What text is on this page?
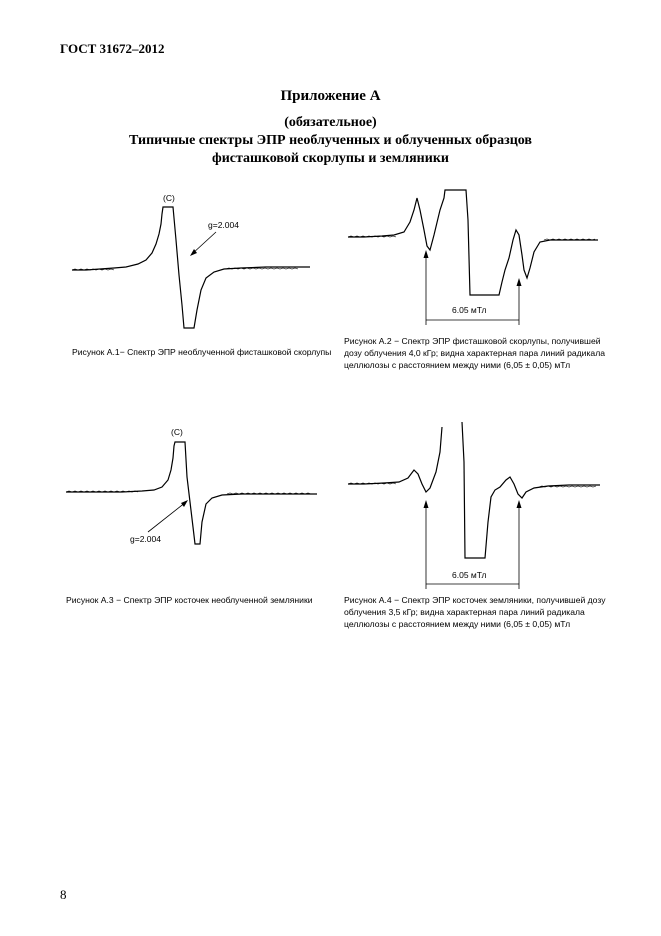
ГОСТ 31672–2012
Приложение А
(обязательное)
Типичные спектры ЭПР необлученных и облученных образцов
фисташковой скорлупы и земляники
(С)
g=2.004
6.05 мТл
(С)
g=2.004
6.05 мТл
Рисунок А.1− Спектр ЭПР необлученной фисташковой скорлупы
Рисунок А.2 − Спектр ЭПР фисташковой скорлупы, получившей дозу облучения 4,0 кГр; видна характерная пара линий радикала целлюлозы с расстоянием между ними (6,05 ± 0,05) мТл
Рисунок А.3 − Спектр ЭПР косточек необлученной земляники	Рисунок А.4 − Спектр ЭПР косточек земляники, получившей дозу облучения 3,5 кГр; видна характерная пара линий радикала целлюлозы с расстоянием между ними (6,05 ± 0,05) мТл
8
